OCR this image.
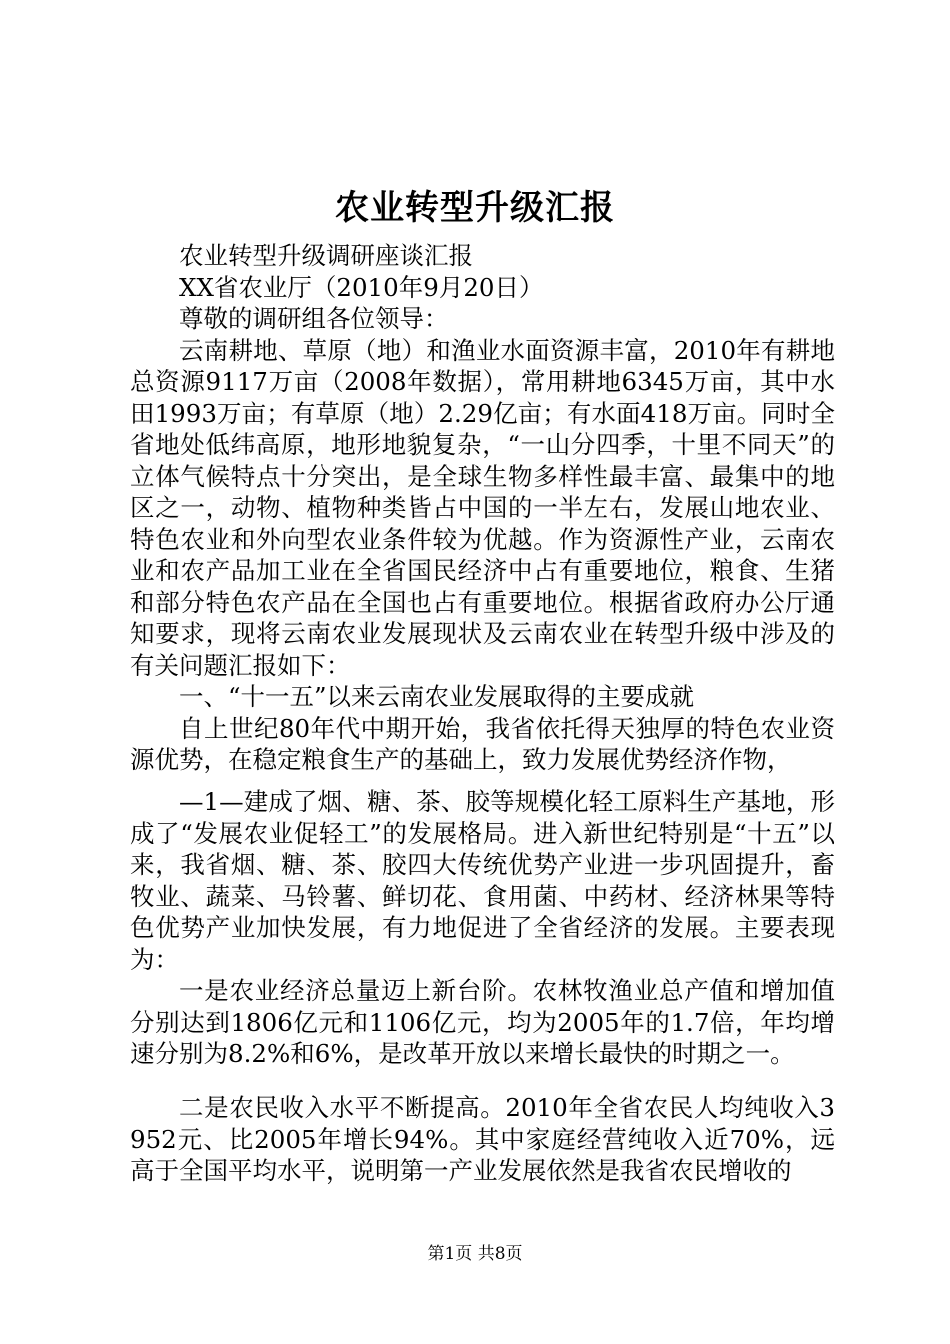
农业转型升级汇报

农业转型升级调研座谈汇报

XX省农业厅（2010年9月20日）

尊敬的调研组各位领导：

云南耕地、草原（地）和渔业水面资源丰富，2010年有耕地总资源9117万亩（2008年数据），常用耕地6345万亩，其中水田1993万亩；有草原（地）2.29亿亩；有水面418万亩。同时全省地处低纬高原，地形地貌复杂，“一山分四季，十里不同天”的立体气候特点十分突出，是全球生物多样性最丰富、最集中的地区之一，动物、植物种类皆占中国的一半左右，发展山地农业、特色农业和外向型农业条件较为优越。作为资源性产业，云南农业和农产品加工业在全省国民经济中占有重要地位，粮食、生猪和部分特色农产品在全国也占有重要地位。根据省政府办公厅通知要求，现将云南农业发展现状及云南农业在转型升级中涉及的有关问题汇报如下：

一、“十一五”以来云南农业发展取得的主要成就

自上世纪80年代中期开始，我省依托得天独厚的特色农业资源优势，在稳定粮食生产的基础上，致力发展优势经济作物，

—1—建成了烟、糖、茶、胶等规模化轻工原料生产基地，形成了“发展农业促轻工”的发展格局。进入新世纪特别是“十五”以来，我省烟、糖、茶、胶四大传统优势产业进一步巩固提升，畜牧业、蔬菜、马铃薯、鲜切花、食用菌、中药材、经济林果等特色优势产业加快发展，有力地促进了全省经济的发展。主要表现为：

一是农业经济总量迈上新台阶。农林牧渔业总产值和增加值分别达到1806亿元和1106亿元，均为2005年的1.7倍，年均增速分别为8.2%和6%，是改革开放以来增长最快的时期之一。

二是农民收入水平不断提高。2010年全省农民人均纯收入3952元、比2005年增长94%。其中家庭经营纯收入近70%，远高于全国平均水平，说明第一产业发展依然是我省农民增收的

第1页 共8页
